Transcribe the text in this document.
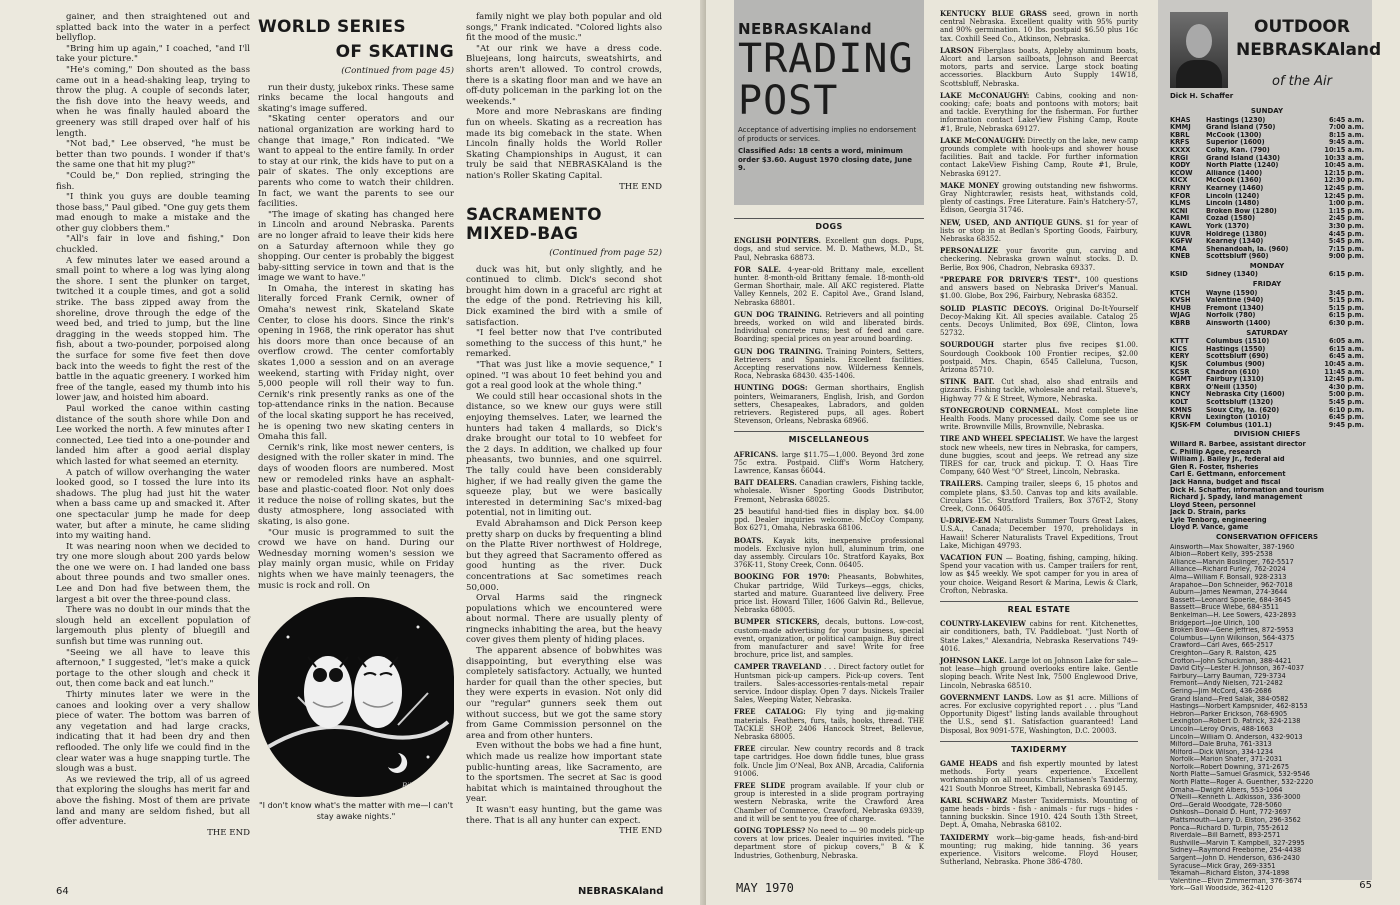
gainer, and then straightened out and splatted back into the water in a perfect bellyflop.

"Bring him up again," I coached, "and I'll take your picture."

"He's coming," Don shouted as the bass came out in a head-shaking leap, trying to throw the plug. A couple of seconds later, the fish dove into the heavy weeds, and when he was finally hauled aboard the greenery was still draped over half of his length.

"Not bad," Lee observed, "he must be better than two pounds. I wonder if that's the same one that hit my plug?"

"Could be," Don replied, stringing the fish.

"I think you guys are double teaming those bass," Paul gibed. "One guy gets them mad enough to make a mistake and the other guy clobbers them."

"All's fair in love and fishing," Don chuckled.

A few minutes later we eased around a small point to where a log was lying along the shore. I sent the plunker on target, twitched it a couple times, and got a solid strike. The bass zipped away from the shoreline, drove through the edge of the weed bed, and tried to jump, but the line dragging in the weeds stopped him. The fish, about a two-pounder, porpoised along the surface for some five feet then dove back into the weeds to fight the rest of the battle in the aquatic greenery. I worked him free of the tangle, eased my thumb into his lower jaw, and hoisted him aboard.

Paul worked the canoe within casting distance of the south shore while Don and Lee worked the north. A few minutes after I connected, Lee tied into a one-pounder and landed him after a good aerial display which lasted for what seemed an eternity.

A patch of willow overhanging the water looked good, so I tossed the lure into its shadows. The plug had just hit the water when a bass came up and smacked it. After one spectacular jump he made for deep water, but after a minute, he came sliding into my waiting hand.

It was nearing noon when we decided to try one more slough about 200 yards below the one we were on. I had landed one bass about three pounds and two smaller ones. Lee and Don had five between them, the largest a bit over the three-pound class.

There was no doubt in our minds that the slough held an excellent population of largemouth plus plenty of bluegill and sunfish but time was running out.

"Seeing we all have to leave this afternoon," I suggested, "let's make a quick portage to the other slough and check it out, then come back and eat lunch."

Thirty minutes later we were in the canoes and looking over a very shallow piece of water. The bottom was barren of any vegetation and had large cracks, indicating that it had been dry and then reflooded. The only life we could find in the clear water was a huge snapping turtle. The slough was a bust.

As we reviewed the trip, all of us agreed that exploring the sloughs has merit far and above the fishing. Most of them are private land and many are seldom fished, but all offer adventure.

THE END
WORLD SERIES
OF SKATING
(Continued from page 45)

run their dusty, jukebox rinks. These same rinks became the local hangouts and skating's image suffered.

"Skating center operators and our national organization are working hard to change that image," Ron indicated. "We want to appeal to the entire family. In order to stay at our rink, the kids have to put on a pair of skates. The only exceptions are parents who come to watch their children. In fact, we want the parents to see our facilities.

"The image of skating has changed here in Lincoln and around Nebraska. Parents are no longer afraid to leave their kids here on a Saturday afternoon while they go shopping. Our center is probably the biggest baby-sitting service in town and that is the image we want to have."

In Omaha, the interest in skating has literally forced Frank Cernik, owner of Omaha's newest rink, Skateland Skate Center, to close his doors. Since the rink's opening in 1968, the rink operator has shut his doors more than once because of an overflow crowd. The center comfortably skates 1,000 a session and on an average weekend, starting with Friday night, over 5,000 people will roll their way to fun. Cernik's rink presently ranks as one of the top-attendance rinks in the nation. Because of the local skating support he has received, he is opening two new skating centers in Omaha this fall.

Cernik's rink, like most newer centers, is designed with the roller skater in mind. The days of wooden floors are numbered. Most new or remodeled rinks have an asphalt-base and plastic-coated floor. Not only does it reduce the noise of rolling skates, but the dusty atmosphere, long associated with skating, is also gone.

"Our music is programmed to suit the crowd we have on hand. During our Wednesday morning women's session we play mainly organ music, while on Friday nights when we have mainly teenagers, the music is rock and roll. On

Billy Malley
"I don't know what's the matter with me—I can't stay awake nights."

family night we play both popular and old songs," Frank indicated. "Colored lights also fit the mood of the music."

"At our rink we have a dress code. Bluejeans, long haircuts, sweatshirts, and shorts aren't allowed. To control crowds, there is a skating floor man and we have an off-duty policeman in the parking lot on the weekends."

More and more Nebraskans are finding fun on wheels. Skating as a recreation has made its big comeback in the state. When Lincoln finally holds the World Roller Skating Championships in August, it can truly be said that NEBRASKAland is the nation's Roller Skating Capital.

THE END
SACRAMENTO MIXED-BAG
(Continued from page 52)

duck was hit, but only slightly, and he continued to climb. Dick's second shot brought him down in a graceful arc right at the edge of the pond. Retrieving his kill, Dick examined the bird with a smile of satisfaction.

"I feel better now that I've contributed something to the success of this hunt," he remarked.

"That was just like a movie sequence," I opined. "I was about 10 feet behind you and got a real good look at the whole thing."

We could still hear occasional shots in the distance, so we knew our guys were still enjoying themselves. Later, we learned the hunters had taken 4 mallards, so Dick's drake brought our total to 10 webfeet for the 2 days. In addition, we chalked up four pheasants, two bunnies, and one squirrel. The tally could have been considerably higher, if we had really given the game the squeeze play, but we were basically interested in determining Sac's mixed-bag potential, not in limiting out.

Evald Abrahamson and Dick Person keep pretty sharp on ducks by frequenting a blind on the Platte River northwest of Holdrege, but they agreed that Sacramento offered as good hunting as the river. Duck concentrations at Sac sometimes reach 50,000.

Orval Harms said the ringneck populations which we encountered were about normal. There are usually plenty of ringnecks inhabiting the area, but the heavy cover gives them plenty of hiding places.

The apparent absence of bobwhites was disappointing, but everything else was completely satisfactory. Actually, we hunted harder for quail than the other species, but they were experts in evasion. Not only did our "regular" gunners seek them out without success, but we got the same story from Game Commission personnel on the area and from other hunters.

Even without the bobs we had a fine hunt, which made us realize how important state public-hunting areas, like Sacramento, are to the sportsmen. The secret at Sac is good habitat which is maintained throughout the year.

It wasn't easy hunting, but the game was there. That is all any hunter can expect.

THE END
64	NEBRASKAland
NEBRASKAland
TRADING
POST
Acceptance of advertising implies no endorsement of products or services.
Classified Ads: 18 cents a word, minimum order $3.60. August 1970 closing date, June 9.
DOGS

ENGLISH POINTERS. Excellent gun dogs. Pups, dogs, and stud service. M. D. Mathews, M.D., St. Paul, Nebraska 68873.

FOR SALE. 4-year-old Brittany male, excellent hunter. 8-month-old Brittany female. 18-month-old German Shorthair, male. All AKC registered. Platte Valley Kennels, 202 E. Capitol Ave., Grand Island, Nebraska 68801.

GUN DOG TRAINING. Retrievers and all pointing breeds, worked on wild and liberated birds. Individual concrete runs; best of feed and care. Boarding; special prices on year around boarding.

GUN DOG TRAINING. Training Pointers, Setters, Retrievers and Spaniels. Excellent facilities. Accepting reservations now. Wilderness Kennels, Roca, Nebraska 68430. 435-1406.

HUNTING DOGS: German shorthairs, English pointers, Weimaraners, English, Irish, and Gordon setters, Chesapeakes, Labradors, and golden retrievers. Registered pups, all ages. Robert Stevenson, Orleans, Nebraska 68966.

MISCELLANEOUS

AFRICANS. large $11.75—1,000. Beyond 3rd zone 75c extra. Postpaid. Cliff's Worm Hatchery, Lawrence, Kansas 66044.

BAIT DEALERS. Canadian crawlers, Fishing tackle, wholesale. Wisner Sporting Goods Distributor, Fremont, Nebraska 68025.

25 beautiful hand-tied flies in display box. $4.00 ppd. Dealer inquiries welcome. McCoy Company, Box 6271, Omaha, Nebraska 68106.

BOATS. Kayak kits, inexpensive professional models. Exclusive nylon hull, aluminum trim, one day assembly. Circulars 10c. Stratford Kayaks, Box 376K-11, Stony Creek, Conn. 06405.

BOOKING FOR 1970: Pheasants, Bobwhites, Chukar partridge, Wild Turkeys—eggs, chicks, started and mature. Guaranteed live delivery. Free price list. Howard Tiller, 1606 Galvin Rd., Bellevue, Nebraska 68005.

BUMPER STICKERS, decals, buttons. Low-cost, custom-made advertising for your business, special event, organization, or political campaign. Buy direct from manufacturer and save! Write for free brochure, price list, and samples.

CAMPER TRAVELAND . . . Direct factory outlet for Huntsman pick-up campers. Pick-up covers. Tent trailers. Sales-accessories-rentals-metal repair service. Indoor display. Open 7 days. Nickels Trailer Sales, Weeping Water, Nebraska.

FREE CATALOG: Fly tying and jig-making materials. Feathers, furs, tails, hooks, thread. THE TACKLE SHOP, 2406 Hancock Street, Bellevue, Nebraska 68005.

FREE circular. New country records and 8 track tape cartridges. Hoe down fiddle tunes, blue grass folk. Uncle Jim O'Neal, Box ANB, Arcadia, California 91006.

FREE SLIDE program available. If your club or group is interested in a slide program portraying western Nebraska, write the Crawford Area Chamber of Commerce, Crawford, Nebraska 69339, and it will be sent to you free of charge.

GOING TOPLESS? No need to — 90 models pick-up covers at low prices. Dealer inquiries invited. "The department store of pickup covers," B & K Industries, Gothenburg, Nebraska.

KENTUCKY BLUE GRASS seed, grown in north central Nebraska. Excellent quality with 95% purity and 90% germination. 10 lbs. postpaid $6.50 plus 16c tax. Coxhill Seed Co., Atkinson, Nebraska.

LARSON Fiberglass boats, Appleby aluminum boats, Alcort and Larson sailboats, Johnson and Beercat motors, parts and service. Large stock boating accessories. Blackburn Auto Supply 14W18, Scottsbluff, Nebraska.

LAKE McCONAUGHY: Cabins, cooking and non-cooking; cafe; boats and pontoons with motors; bait and tackle. Everything for the fisherman. For further information contact LakeView Fishing Camp, Route #1, Brule, Nebraska 69127.

LAKE McCONAUGHY: Directly on the lake, new camp grounds complete with hook-ups and shower house facilities. Bait and tackle. For further information contact LakeView Fishing Camp, Route #1, Brule, Nebraska 69127.

MAKE MONEY growing outstanding new fishworms. Gray Nightcrawler, resists heat, withstands cold, plenty of castings. Free Literature. Fain's Hatchery-57, Edison, Georgia 31746.

NEW, USED, AND ANTIQUE GUNS. $1 for year of lists or stop in at Bedlan's Sporting Goods, Fairbury, Nebraska 68352.

PERSONALIZE your favorite gun, carving and checkering. Nebraska grown walnut stocks. D. D. Berlie, Box 906, Chadron, Nebraska 69337.

"PREPARE FOR DRIVER'S TEST". 100 questions and answers based on Nebraska Driver's Manual. $1.00. Globe, Box 296, Fairbury, Nebraska 68352.

SOLID PLASTIC DECOYS. Original Do-It-Yourself Decoy-Making Kit. All species available. Catalog 25 cents. Decoys Unlimited, Box 69E, Clinton, Iowa 52732.

SOURDOUGH starter plus five recipes $1.00. Sourdough Cookbook 100 Frontier recipes, $2.00 postpaid. Mrs. Chapin, 6545 Calleluna, Tucson, Arizona 85710.

STINK BAIT. Cut shad, also shad entrails and gizzards. Fishing tackle, wholesale and retail. Stueve's, Highway 77 & E Street, Wymore, Nebraska.

STONEGROUND CORNMEAL. Most complete line Health Foods. Many processed daily. Come see us or write. Brownville Mills, Brownville, Nebraska.

TIRE AND WHEEL SPECIALIST. We have the largest stock new wheels, new tires in Nebraska, for campers, dune buggies, scout and jeeps. We retread any size TIRES for car, truck and pickup. T. O. Haas Tire Company, 640 West "O" Street, Lincoln, Nebraska.

TRAILERS. Camping trailer, sleeps 6, 15 photos and complete plans, $3.50. Canvas top and kits available. Circulars 15c. Stratford Trailers, Box 376T-2, Stony Creek, Conn. 06405.

U-DRIVE-EM Naturalists Summer Tours Great Lakes, U.S.A., Canada; December 1970, preholidays in Hawaii! Scherer Naturalists Travel Expeditions, Trout Lake, Michigan 49793.

VACATION FUN — Boating, fishing, camping, hiking. Spend your vacation with us. Camper trailers for rent, low as $45 weekly. We spot camper for you in area of your choice. Weigand Resort & Marina, Lewis & Clark, Crofton, Nebraska.

REAL ESTATE

COUNTRY-LAKEVIEW cabins for rent. Kitchenettes, air conditioners, bath, TV. Paddleboat. "Just North of State Lakes," Alexandria, Nebraska Reservations 749-4016.

JOHNSON LAKE. Large lot on Johnson Lake for sale—not lease—high ground overlooks entire lake. Gentle sloping beach. Write Nest Ink, 7500 Englewood Drive, Lincoln, Nebraska 68510.

GOVERNMENT LANDS. Low as $1 acre. Millions of acres. For exclusive copyrighted report . . . plus "Land Opportunity Digest" listing lands available throughout the U.S., send $1. Satisfaction guaranteed! Land Disposal, Box 9091-57E, Washington, D.C. 20003.

TAXIDERMY

GAME HEADS and fish expertly mounted by latest methods. Forty years experience. Excellent workmanship on all mounts. Christiansen's Taxidermy, 421 South Monroe Street, Kimball, Nebraska 69145.

KARL SCHWARZ Master Taxidermists. Mounting of game heads - birds - fish - animals - fur rugs - hides - tanning buckskin. Since 1910. 424 South 13th Street, Dept. A, Omaha, Nebraska 68102.

TAXIDERMY work—big-game heads, fish-and-bird mounting; rug making, hide tanning. 36 years experience. Visitors welcome. Floyd Houser, Sutherland, Nebraska. Phone 386-4780.

Dick H. Schaffer
OUTDOOR
NEBRASKAland
of the Air
SUNDAY
KHAS	Hastings (1230)	6:45 a.m.
KMMJ	Grand Island (750)	7:00 a.m.
KBRL	McCook (1300)	8:15 a.m.
KRFS	Superior (1600)	9:45 a.m.
KXXX	Colby, Kan. (790)	10:15 a.m.
KRGI	Grand Island (1430)	10:33 a.m.
KODY	North Platte (1240)	10:45 a.m.
KCOW	Alliance (1400)	12:15 p.m.
KICX	McCook (1360)	12:30 p.m.
KRNY	Kearney (1460)	12:45 p.m.
KFOR	Lincoln (1240)	12:45 p.m.
KLMS	Lincoln (1480)	1:00 p.m.
KCNI	Broken Bow (1280)	1:15 p.m.
KAMI	Cozad (1580)	2:45 p.m.
KAWL	York (1370)	3:30 p.m.
KUVR	Holdrege (1380)	4:45 p.m.
KGFW	Kearney (1340)	5:45 p.m.
KMA	Shenandoah, Ia. (960)	7:15 p.m.
KNEB	Scottsbluff (960)	9:00 p.m.
MONDAY
KSID	Sidney (1340)	6:15 p.m.
FRIDAY
KTCH	Wayne (1590)	3:45 p.m.
KVSH	Valentine (940)	5:15 p.m.
KHUB	Fremont (1340)	5:15 p.m.
WJAG	Norfolk (780)	6:15 p.m.
KBRB	Ainsworth (1400)	6:30 p.m.
SATURDAY
KTTT	Columbus (1510)	6:05 a.m.
KICS	Hastings (1550)	6:15 a.m.
KERY	Scottsbluff (690)	6:45 a.m.
KJSK	Columbus (900)	10:45 a.m.
KCSR	Chadron (610)	11:45 a.m.
KGMT	Fairbury (1310)	12:45 p.m.
KBRX	O'Neill (1350)	4:30 p.m.
KNCY	Nebraska City (1600)	5:00 p.m.
KOLT	Scottsbluff (1320)	5:45 p.m.
KMNS	Sioux City, Ia. (620)	6:10 p.m.
KRVN	Lexington (1010)	6:45 p.m.
KJSK-FM Columbus (101.1)	9:45 p.m.
DIVISION CHIEFS
Willard R. Barbee, assistant director
C. Phillip Agee, research
William J. Bailey Jr., federal aid
Glen R. Foster, fisheries
Carl E. Gettmann, enforcement
Jack Hanna, budget and fiscal
Dick H. Schaffer, information and tourism
Richard J. Spady, land management
Lloyd Steen, personnel
Jack D. Strain, parks
Lyle Tenborg, engineering
Lloyd P. Vance, game
CONSERVATION OFFICERS
Ainsworth—Max Showalter, 387-1960
Albion—Robert Kelly, 395-2538
Alliance—Marvin Boslinger, 762-5517
Alliance—Richard Furley, 762-2024
Alma—William F. Bonsall, 928-2313
Arapahoe—Don Schneider, 962-7018
Auburn—James Newman, 274-3644
Bassett—Leonard Spoerle, 684-3645
Bassett—Bruce Wiebe, 684-3511
Benkelman—H. Lee Sowers, 423-2893
Bridgeport—Joe Ulrich, 100
Broken Bow—Gene Jeffries, 872-5953
Columbus—Lynn Wilkinson, 564-4375
Crawford—Carl Aves, 665-2517
Creighton—Gary R. Ralston, 425
Crofton—John Schuckman, 388-4421
David City—Lester H. Johnson, 367-4037
Fairbury—Larry Bauman, 729-3734
Fremont—Andy Nielsen, 721-2482
Gering—Jim McCord, 436-2686
Grand Island—Fred Salak, 384-0582
Hastings—Norbert Kampsnider, 462-8153
Hebron—Parker Erickson, 768-6905
Lexington—Robert D. Patrick, 324-2138
Lincoln—Leroy Orvis, 488-1663
Lincoln—William O. Anderson, 432-9013
Milford—Dale Bruha, 761-3313
Milford—Dick Wilson, 334-1234
Norfolk—Marion Shafer, 371-2031
Norfolk—Robert Downing, 371-2675
North Platte—Samuel Grasmick, 532-9546
North Platte—Roger A. Guenther, 532-2220
Omaha—Dwight Albers, 553-1064
O'Neill—Kenneth L. Adkisson, 336-3000
Ord—Gerald Woodgate, 728-5060
Oshkosh—Donald D. Hunt, 772-3697
Plattsmouth—Larry D. Elston, 296-3562
Ponca—Richard D. Turpin, 755-2612
Riverdale—Bill Barnett, 893-2571
Rushville—Marvin T. Kampbell, 327-2995
Sidney—Raymond Freeborne, 254-4438
Sargent—John D. Henderson, 636-2430
Syracuse—Mick Gray, 269-3351
Tekamah—Richard Elston, 374-1898
Valentine—Elvin Zimmerman, 376-3674
York—Gall Woodside, 362-4120
MAY 1970	65
